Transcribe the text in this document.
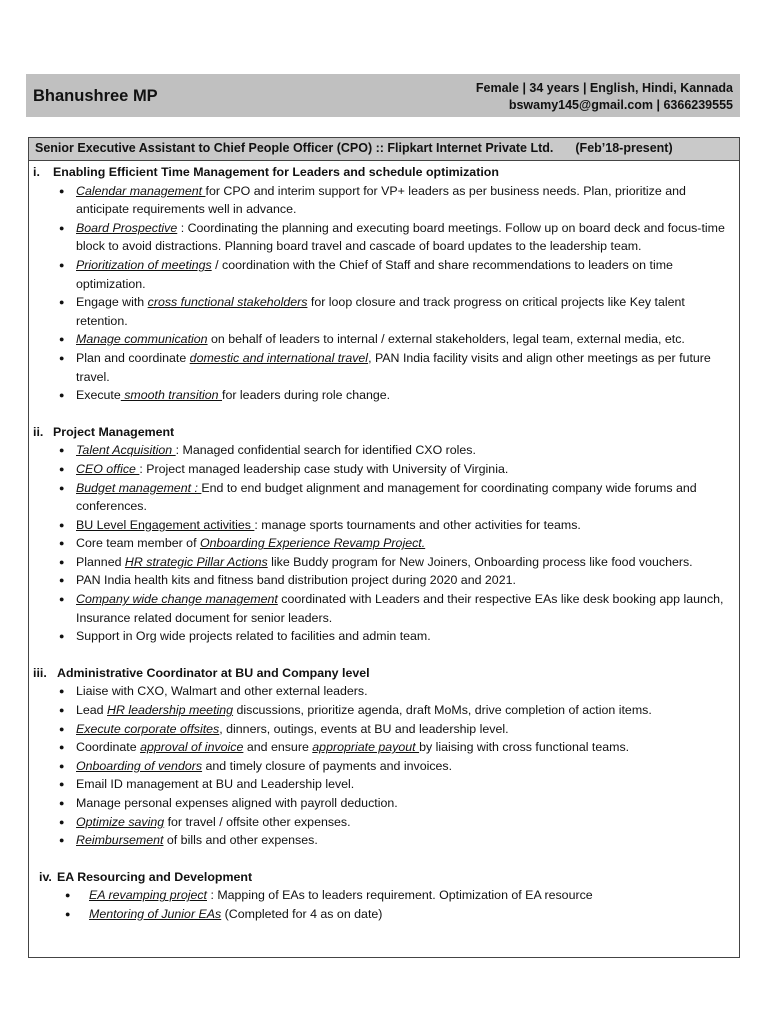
Bhanushree MP	Female | 34 years | English, Hindi, Kannada
bswamy145@gmail.com | 6366239555
Senior Executive Assistant to Chief People Officer (CPO) :: Flipkart Internet Private Ltd. (Feb’18-present)
i.	Enabling Efficient Time Management for Leaders and schedule optimization
● Calendar management for CPO and interim support for VP+ leaders as per business needs. Plan, prioritize and anticipate requirements well in advance.
● Board Prospective : Coordinating the planning and executing board meetings. Follow up on board deck and focus-time block to avoid distractions. Planning board travel and cascade of board updates to the leadership team.
● Prioritization of meetings / coordination with the Chief of Staff and share recommendations to leaders on time optimization.
● Engage with cross functional stakeholders for loop closure and track progress on critical projects like Key talent retention.
● Manage communication on behalf of leaders to internal / external stakeholders, legal team, external media, etc.
● Plan and coordinate domestic and international travel, PAN India facility visits and align other meetings as per future travel.
● Execute smooth transition for leaders during role change.
ii. Project Management
● Talent Acquisition : Managed confidential search for identified CXO roles.
● CEO office : Project managed leadership case study with University of Virginia.
● Budget management : End to end budget alignment and management for coordinating company wide forums and conferences.
● BU Level Engagement activities : manage sports tournaments and other activities for teams.
● Core team member of Onboarding Experience Revamp Project.
● Planned HR strategic Pillar Actions like Buddy program for New Joiners, Onboarding process like food vouchers.
● PAN India health kits and fitness band distribution project during 2020 and 2021.
● Company wide change management coordinated with Leaders and their respective EAs like desk booking app launch, Insurance related document for senior leaders.
● Support in Org wide projects related to facilities and admin team.
iii. Administrative Coordinator at BU and Company level
● Liaise with CXO, Walmart and other external leaders.
● Lead HR leadership meeting discussions, prioritize agenda, draft MoMs, drive completion of action items.
● Execute corporate offsites, dinners, outings, events at BU and leadership level.
● Coordinate approval of invoice and ensure appropriate payout by liaising with cross functional teams.
● Onboarding of vendors and timely closure of payments and invoices.
● Email ID management at BU and Leadership level.
● Manage personal expenses aligned with payroll deduction.
● Optimize saving for travel / offsite other expenses.
● Reimbursement of bills and other expenses.
iv. EA Resourcing and Development
● EA revamping project : Mapping of EAs to leaders requirement. Optimization of EA resource
● Mentoring of Junior EAs (Completed for 4 as on date)
